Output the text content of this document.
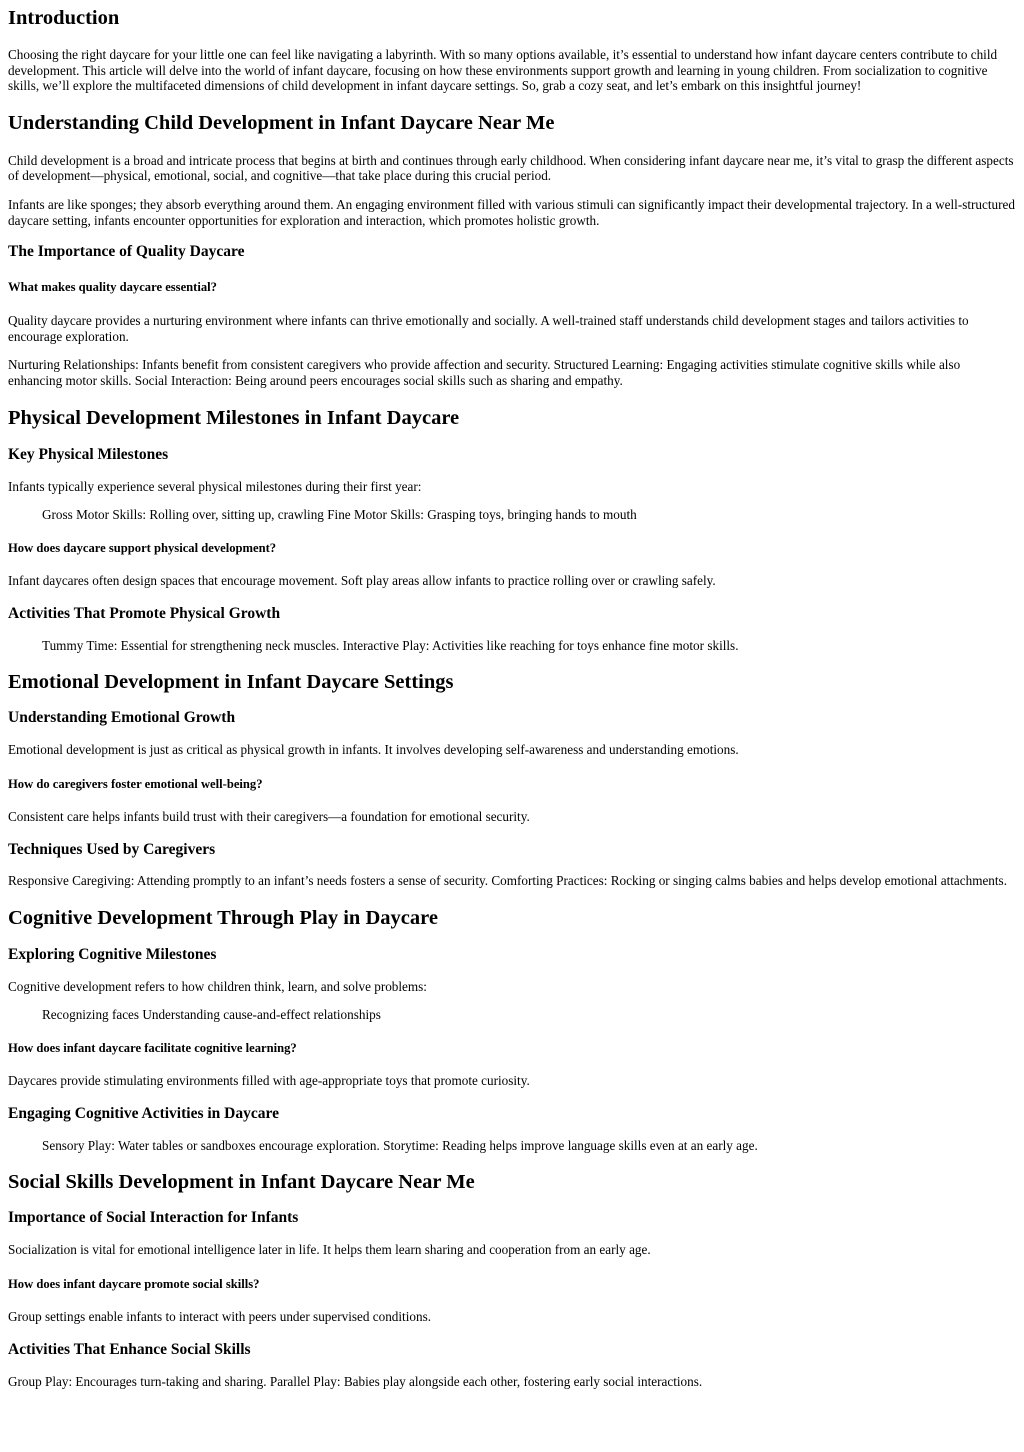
Introduction

Choosing the right daycare for your little one can feel like navigating a labyrinth. With so many options available, it’s essential to understand how infant daycare centers contribute to child development. This article will delve into the world of infant daycare, focusing on how these environments support growth and learning in young children. From socialization to cognitive skills, we’ll explore the multifaceted dimensions of child development in infant daycare settings. So, grab a cozy seat, and let’s embark on this insightful journey!

Understanding Child Development in Infant Daycare Near Me

Child development is a broad and intricate process that begins at birth and continues through early childhood. When considering infant daycare near me, it’s vital to grasp the different aspects of development—physical, emotional, social, and cognitive—that take place during this crucial period.

Infants are like sponges; they absorb everything around them. An engaging environment filled with various stimuli can significantly impact their developmental trajectory. In a well-structured daycare setting, infants encounter opportunities for exploration and interaction, which promotes holistic growth.

The Importance of Quality Daycare
What makes quality daycare essential?

Quality daycare provides a nurturing environment where infants can thrive emotionally and socially. A well-trained staff understands child development stages and tailors activities to encourage exploration.

Nurturing Relationships: Infants benefit from consistent caregivers who provide affection and security. Structured Learning: Engaging activities stimulate cognitive skills while also enhancing motor skills. Social Interaction: Being around peers encourages social skills such as sharing and empathy.

Physical Development Milestones in Infant Daycare
Key Physical Milestones

Infants typically experience several physical milestones during their first year:

Gross Motor Skills: Rolling over, sitting up, crawling Fine Motor Skills: Grasping toys, bringing hands to mouth
How does daycare support physical development?

Infant daycares often design spaces that encourage movement. Soft play areas allow infants to practice rolling over or crawling safely.

Activities That Promote Physical Growth
Tummy Time: Essential for strengthening neck muscles. Interactive Play: Activities like reaching for toys enhance fine motor skills.
Emotional Development in Infant Daycare Settings
Understanding Emotional Growth

Emotional development is just as critical as physical growth in infants. It involves developing self-awareness and understanding emotions.

How do caregivers foster emotional well-being?

Consistent care helps infants build trust with their caregivers—a foundation for emotional security.

Techniques Used by Caregivers

Responsive Caregiving: Attending promptly to an infant’s needs fosters a sense of security. Comforting Practices: Rocking or singing calms babies and helps develop emotional attachments.

Cognitive Development Through Play in Daycare
Exploring Cognitive Milestones

Cognitive development refers to how children think, learn, and solve problems:

Recognizing faces Understanding cause-and-effect relationships
How does infant daycare facilitate cognitive learning?

Daycares provide stimulating environments filled with age-appropriate toys that promote curiosity.

Engaging Cognitive Activities in Daycare
Sensory Play: Water tables or sandboxes encourage exploration. Storytime: Reading helps improve language skills even at an early age.
Social Skills Development in Infant Daycare Near Me
Importance of Social Interaction for Infants

Socialization is vital for emotional intelligence later in life. It helps them learn sharing and cooperation from an early age.

How does infant daycare promote social skills?

Group settings enable infants to interact with peers under supervised conditions.

Activities That Enhance Social Skills

Group Play: Encourages turn-taking and sharing. Parallel Play: Babies play alongside each other, fostering early social interactions.
